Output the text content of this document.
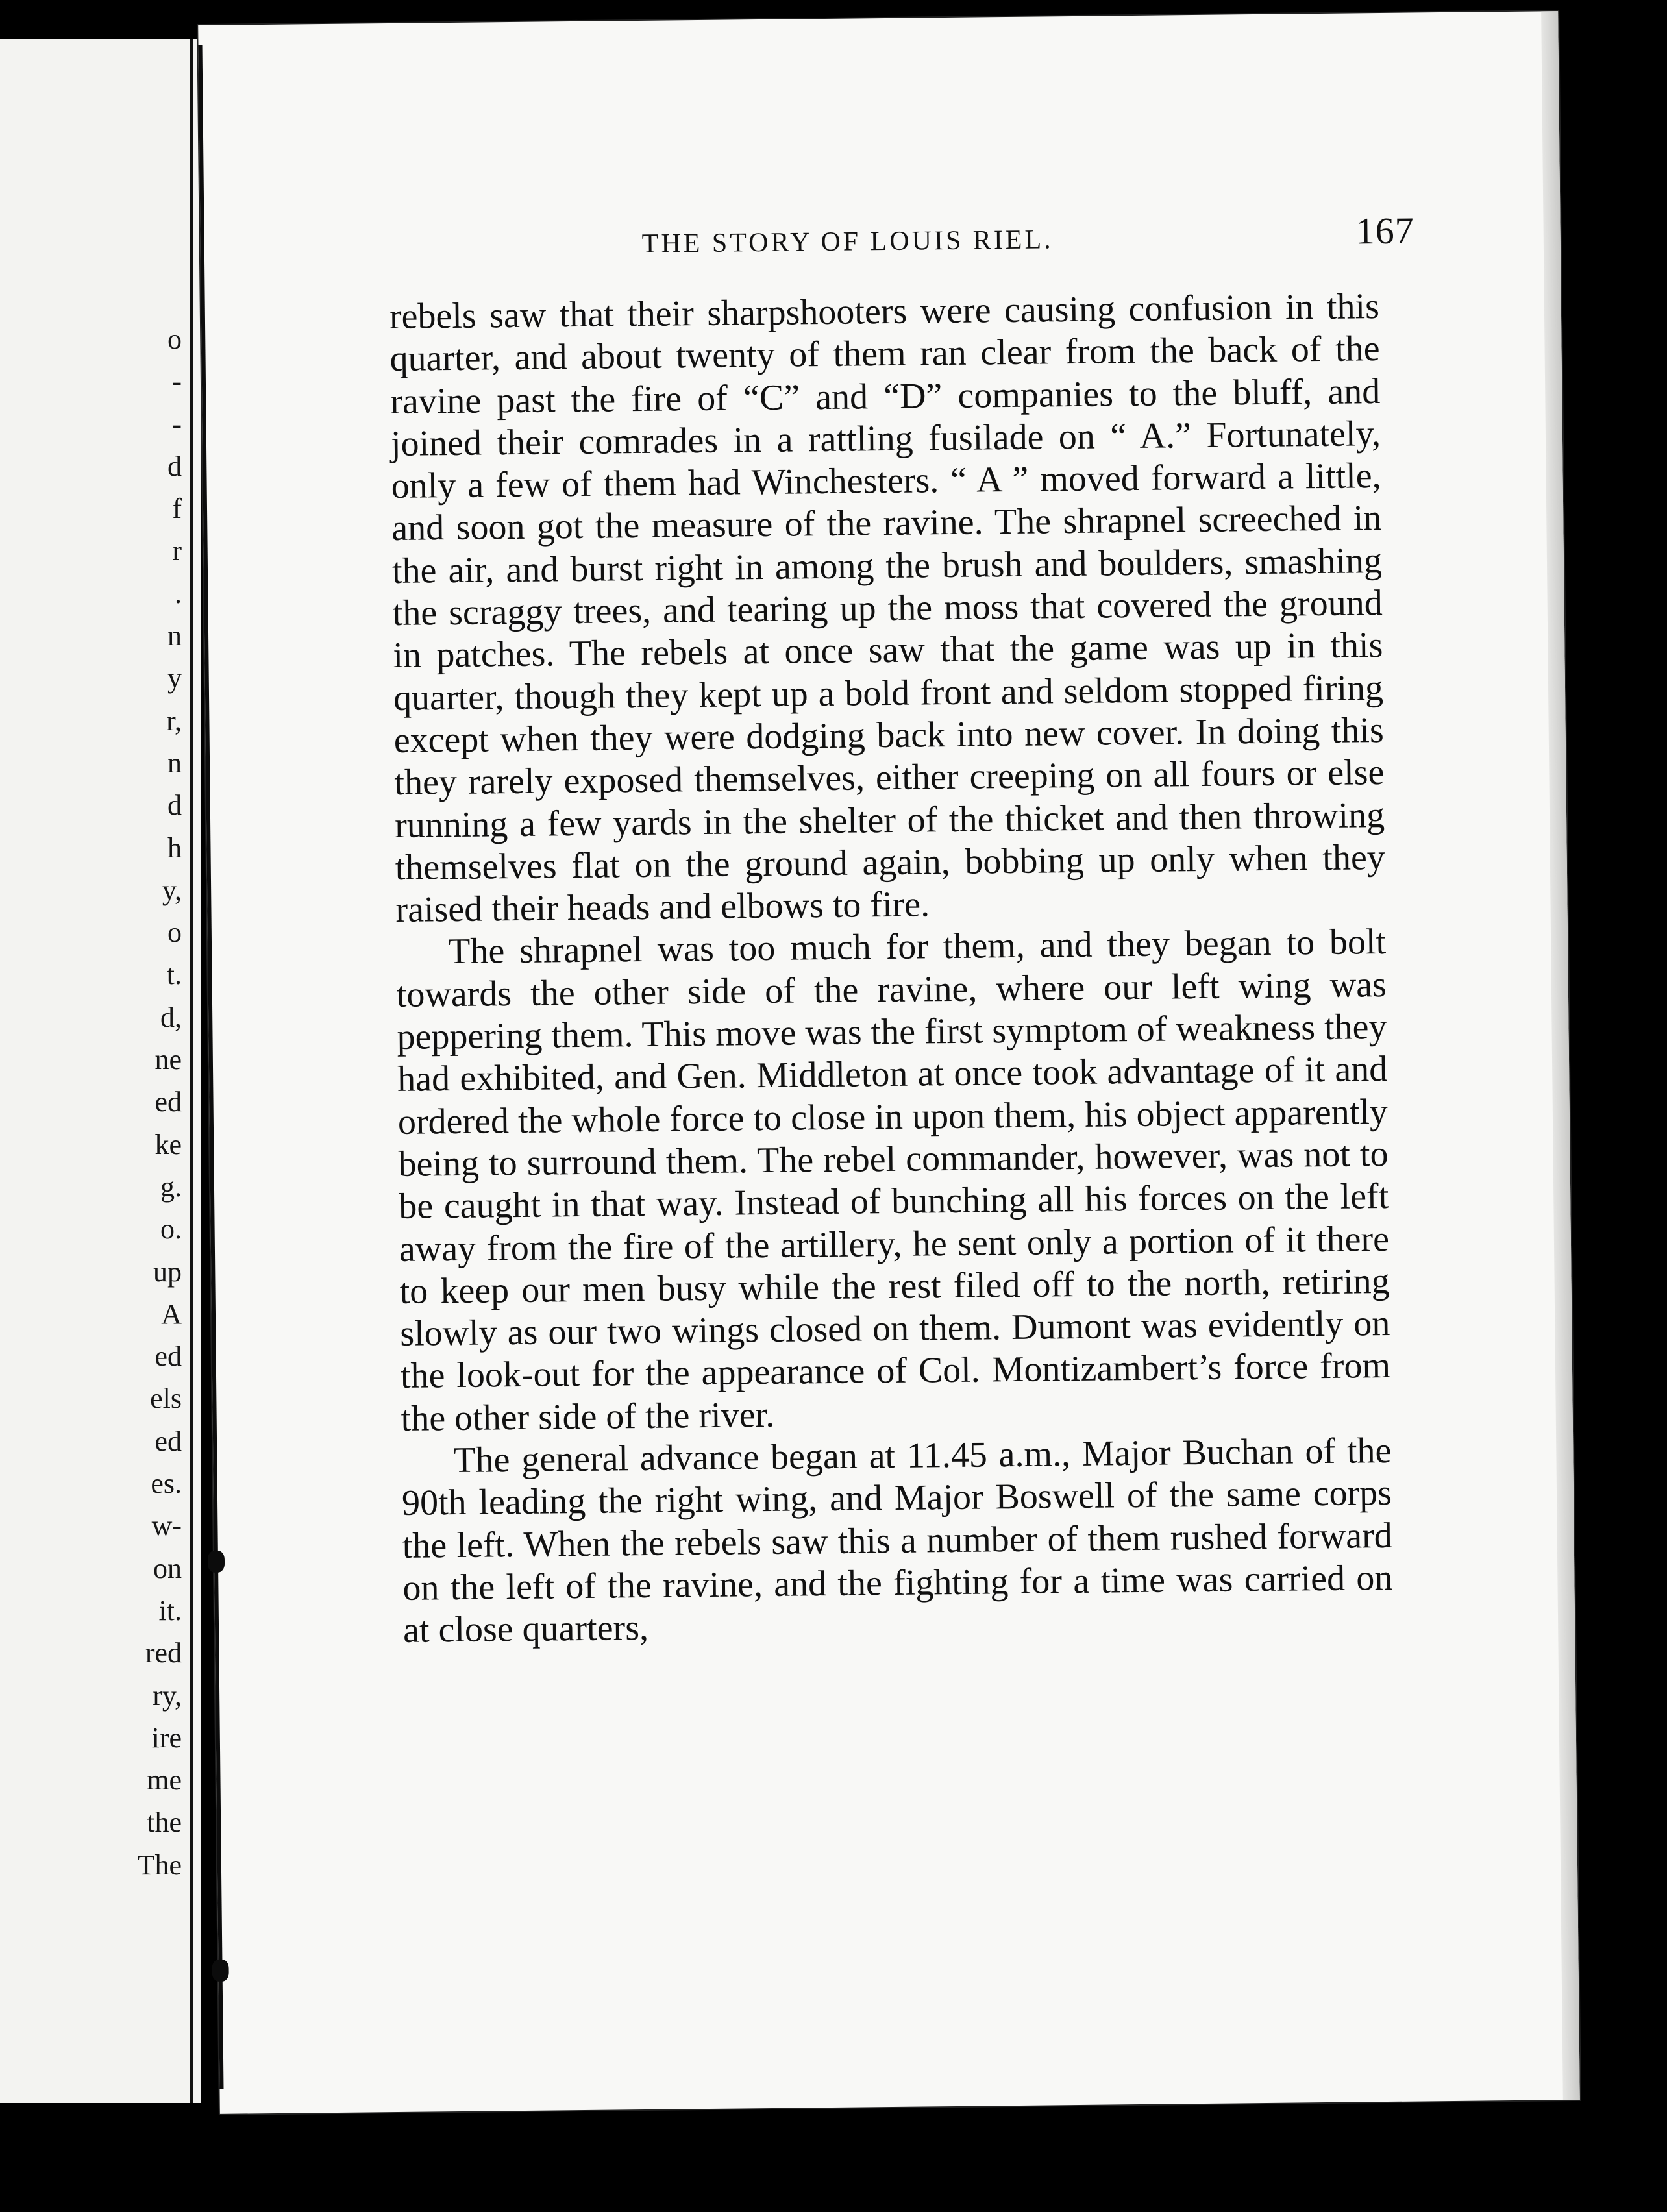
o
-
-
d
f
r
.
n
y
r,
n
d
h
y,
o
t.
d,
ne
ed
ke
g.
o.
up
A
ed
els
ed
es.
w-
on
it.
red
ry,
ire
me
the
The
THE STORY OF LOUIS RIEL.	167

rebels saw that their sharpshooters were causing confusion in this quarter, and about twenty of them ran clear from the back of the ravine past the fire of “C” and “D” companies to the bluff, and joined their comrades in a rattling fusilade on “ A.” Fortunately, only a few of them had Winchesters. “ A ” moved forward a little, and soon got the measure of the ravine. The shrapnel screeched in the air, and burst right in among the brush and boulders, smashing the scraggy trees, and tearing up the moss that covered the ground in patches. The rebels at once saw that the game was up in this quarter, though they kept up a bold front and seldom stopped firing except when they were dodging back into new cover. In doing this they rarely exposed themselves, either creeping on all fours or else running a few yards in the shelter of the thicket and then throwing themselves flat on the ground again, bobbing up only when they raised their heads and elbows to fire.

The shrapnel was too much for them, and they began to bolt towards the other side of the ravine, where our left wing was peppering them. This move was the first symptom of weakness they had exhibited, and Gen. Middleton at once took advantage of it and ordered the whole force to close in upon them, his object apparently being to surround them. The rebel commander, however, was not to be caught in that way. Instead of bunching all his forces on the left away from the fire of the artillery, he sent only a portion of it there to keep our men busy while the rest filed off to the north, retiring slowly as our two wings closed on them. Dumont was evidently on the look-out for the appearance of Col. Montizambert’s force from the other side of the river.

The general advance began at 11.45 a.m., Major Buchan of the 90th leading the right wing, and Major Boswell of the same corps the left. When the rebels saw this a number of them rushed forward on the left of the ravine, and the fighting for a time was carried on at close quarters,
